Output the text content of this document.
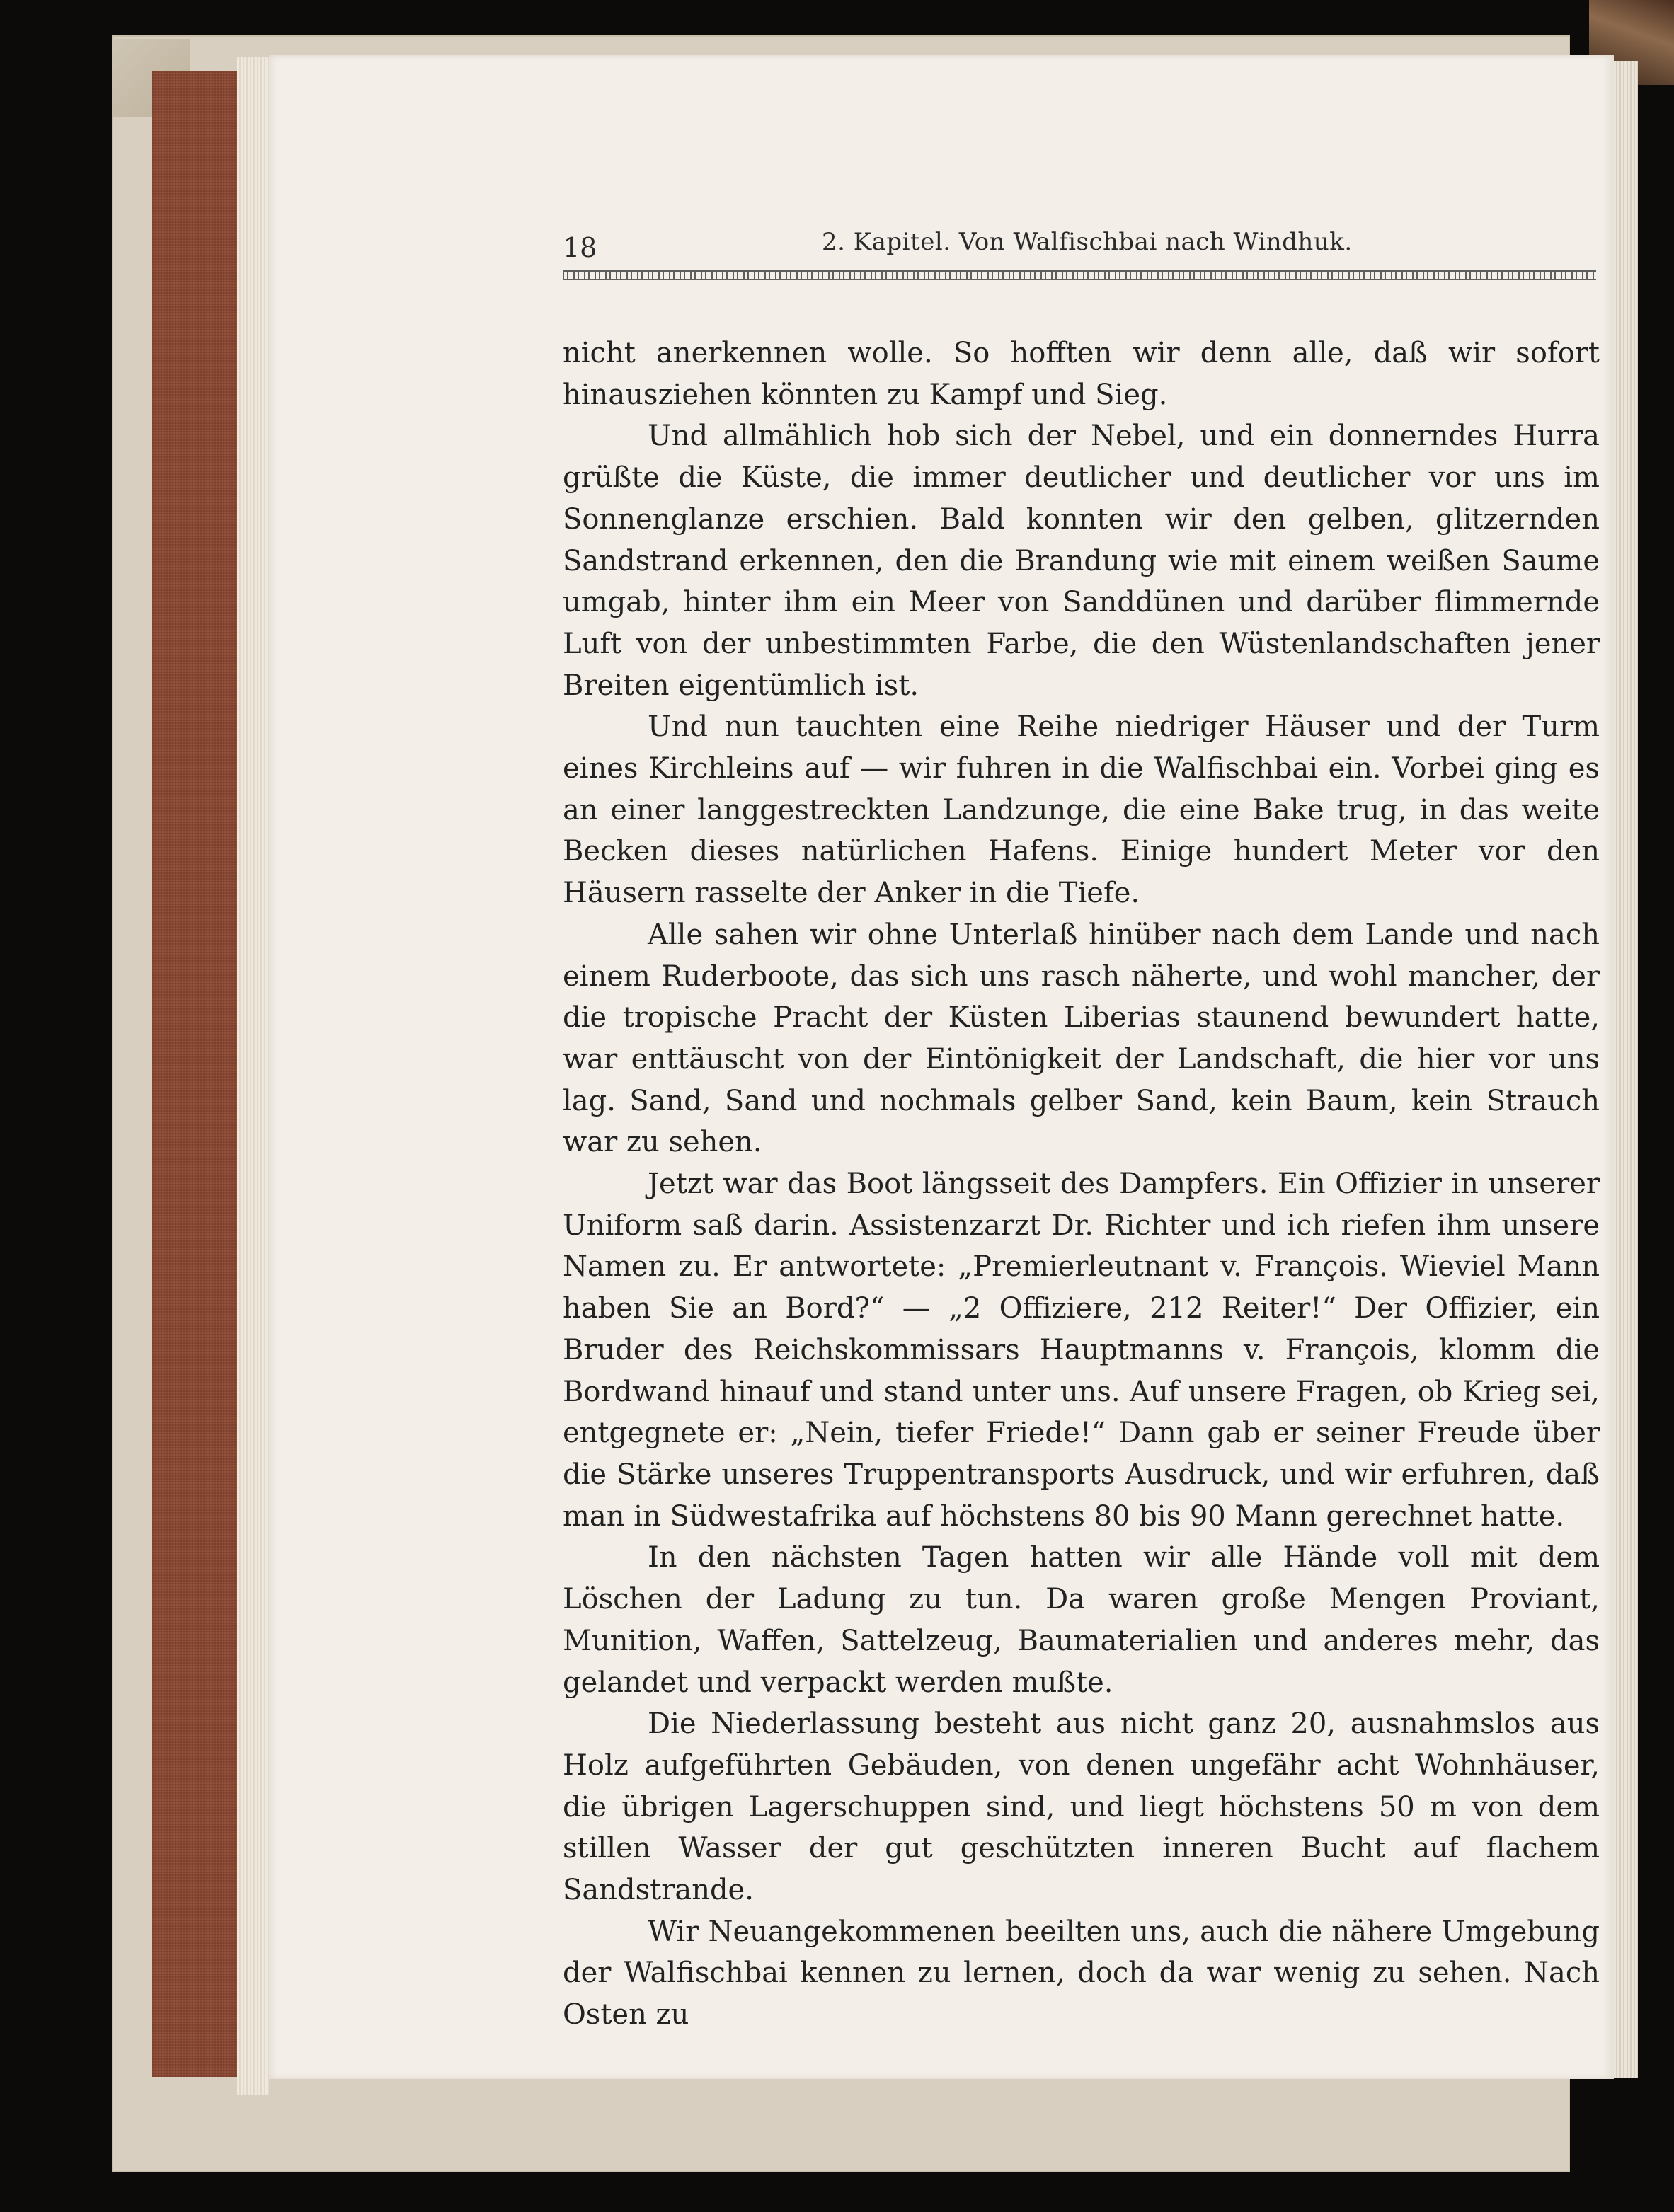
18	2. Kapitel. Von Walfischbai nach Windhuk.

nicht anerkennen wolle. So hofften wir denn alle, daß wir sofort hinausziehen könnten zu Kampf und Sieg.

Und allmählich hob sich der Nebel, und ein donnerndes Hurra grüßte die Küste, die immer deutlicher und deutlicher vor uns im Sonnenglanze erschien. Bald konnten wir den gelben, glitzernden Sandstrand erkennen, den die Brandung wie mit einem weißen Saume umgab, hinter ihm ein Meer von Sanddünen und darüber flimmernde Luft von der unbestimmten Farbe, die den Wüstenlandschaften jener Breiten eigentümlich ist.

Und nun tauchten eine Reihe niedriger Häuser und der Turm eines Kirchleins auf — wir fuhren in die Walfischbai ein. Vorbei ging es an einer langgestreckten Landzunge, die eine Bake trug, in das weite Becken dieses natürlichen Hafens. Einige hundert Meter vor den Häusern rasselte der Anker in die Tiefe.

Alle sahen wir ohne Unterlaß hinüber nach dem Lande und nach einem Ruderboote, das sich uns rasch näherte, und wohl mancher, der die tropische Pracht der Küsten Liberias staunend bewundert hatte, war enttäuscht von der Eintönigkeit der Landschaft, die hier vor uns lag. Sand, Sand und nochmals gelber Sand, kein Baum, kein Strauch war zu sehen.

Jetzt war das Boot längsseit des Dampfers. Ein Offizier in unserer Uniform saß darin. Assistenzarzt Dr. Richter und ich riefen ihm unsere Namen zu. Er antwortete: „Premierleutnant v. François. Wieviel Mann haben Sie an Bord?“ — „2 Offiziere, 212 Reiter!“ Der Offizier, ein Bruder des Reichskommissars Hauptmanns v. François, klomm die Bordwand hinauf und stand unter uns. Auf unsere Fragen, ob Krieg sei, entgegnete er: „Nein, tiefer Friede!“ Dann gab er seiner Freude über die Stärke unseres Truppentransports Ausdruck, und wir erfuhren, daß man in Südwestafrika auf höchstens 80 bis 90 Mann gerechnet hatte.

In den nächsten Tagen hatten wir alle Hände voll mit dem Löschen der Ladung zu tun. Da waren große Mengen Proviant, Munition, Waffen, Sattelzeug, Baumaterialien und anderes mehr, das gelandet und verpackt werden mußte.

Die Niederlassung besteht aus nicht ganz 20, ausnahmslos aus Holz aufgeführten Gebäuden, von denen ungefähr acht Wohnhäuser, die übrigen Lagerschuppen sind, und liegt höchstens 50 m von dem stillen Wasser der gut geschützten inneren Bucht auf flachem Sandstrande.

Wir Neuangekommenen beeilten uns, auch die nähere Umgebung der Walfischbai kennen zu lernen, doch da war wenig zu sehen. Nach Osten zu
